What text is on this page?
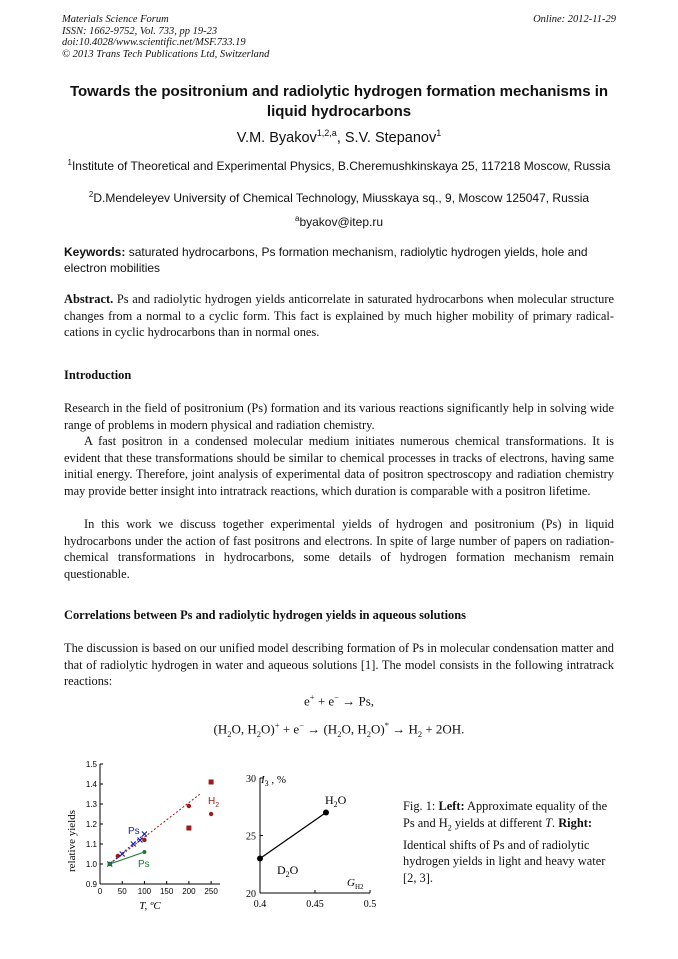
Materials Science Forum
ISSN: 1662-9752, Vol. 733, pp 19-23
doi:10.4028/www.scientific.net/MSF.733.19
© 2013 Trans Tech Publications Ltd, Switzerland
Online: 2012-11-29
Towards the positronium and radiolytic hydrogen formation mechanisms in liquid hydrocarbons
V.M. Byakov$^{1,2,a}$, S.V. Stepanov$^1$
$^1$Institute of Theoretical and Experimental Physics, B.Cheremushkinskaya 25, 117218 Moscow, Russia
$^2$D.Mendeleyev University of Chemical Technology, Miusskaya sq., 9, Moscow 125047, Russia
$^a$byakov@itep.ru
Keywords: saturated hydrocarbons, Ps formation mechanism, radiolytic hydrogen yields, hole and electron mobilities
Abstract. Ps and radiolytic hydrogen yields anticorrelate in saturated hydrocarbons when molecular structure changes from a normal to a cyclic form. This fact is explained by much higher mobility of primary radical-cations in cyclic hydrocarbons than in normal ones.
Introduction
Research in the field of positronium (Ps) formation and its various reactions significantly help in solving wide range of problems in modern physical and radiation chemistry.
A fast positron in a condensed molecular medium initiates numerous chemical transformations. It is evident that these transformations should be similar to chemical processes in tracks of electrons, having same initial energy. Therefore, joint analysis of experimental data of positron spectroscopy and radiation chemistry may provide better insight into intratrack reactions, which duration is comparable with a positron lifetime.
In this work we discuss together experimental yields of hydrogen and positronium (Ps) in liquid hydrocarbons under the action of fast positrons and electrons. In spite of large number of papers on radiation-chemical transformations in hydrocarbons, some details of hydrogen formation mechanism remain questionable.
Correlations between Ps and radiolytic hydrogen yields in aqueous solutions
The discussion is based on our unified model describing formation of Ps in molecular condensation matter and that of radiolytic hydrogen in water and aqueous solutions [1]. The model consists in the following intratrack reactions:
e+ + e− → Ps,
($H_2O$, $H_2O)^+ + e^- \to (H_2O$, $H_2O)^* \to H_2 + 2OH$.
0.9
1.0
1.1
1.2
1.3
1.4
1.5
0 50 100 150 200 250
relative yields
T, ºC
$H_2$
Ps
Ps
20
25
30
0.4	0.45	0.5
$I_3$ , %
$G_{H2}$
$D_2O$
$H_2O$	Fig. 1: Left: Approximate equality of the Ps and $H_2$ yields at different T. Right: Identical shifts of Ps and of radiolytic hydrogen yields in light and heavy water [2, 3].
